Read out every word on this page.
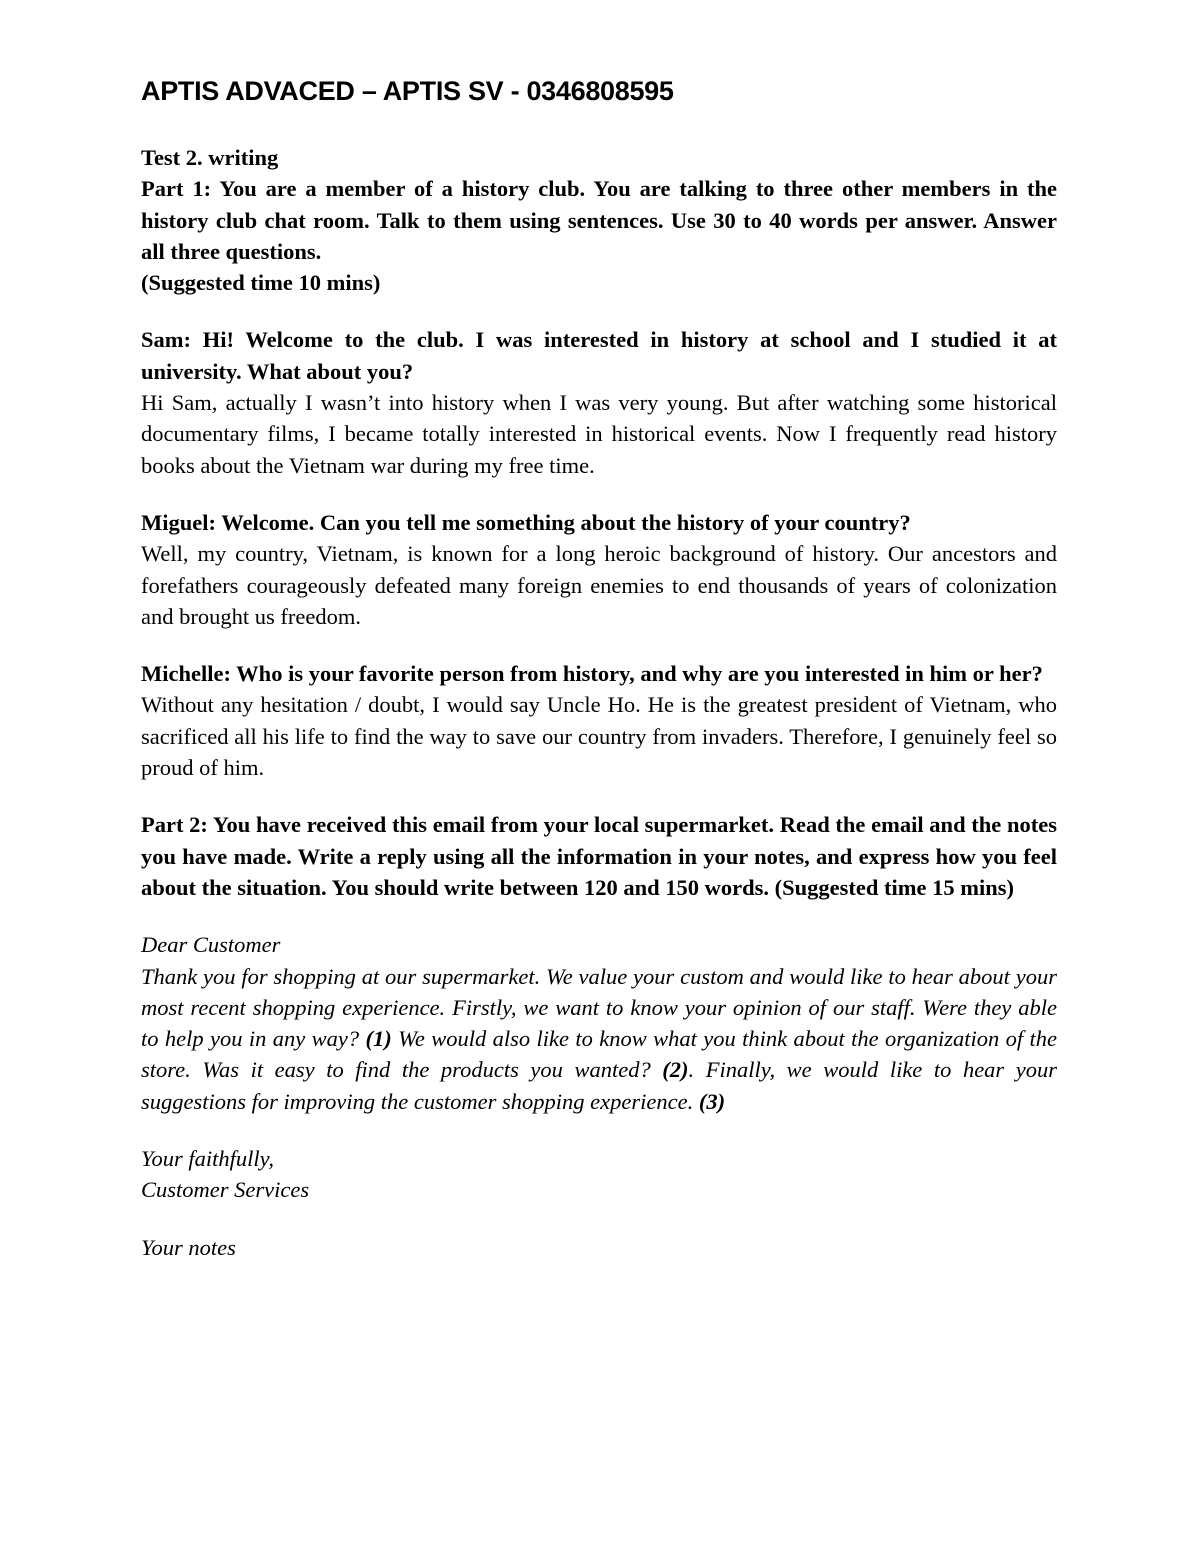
APTIS ADVACED – APTIS SV - 0346808595

Test 2. writing

Part 1: You are a member of a history club. You are talking to three other members in the history club chat room. Talk to them using sentences. Use 30 to 40 words per answer. Answer all three questions.

(Suggested time 10 mins)

Sam: Hi! Welcome to the club. I was interested in history at school and I studied it at university. What about you?

Hi Sam, actually I wasn’t into history when I was very young. But after watching some historical documentary films, I became totally interested in historical events. Now I frequently read history books about the Vietnam war during my free time.

Miguel: Welcome. Can you tell me something about the history of your country?

Well, my country, Vietnam, is known for a long heroic background of history. Our ancestors and forefathers courageously defeated many foreign enemies to end thousands of years of colonization and brought us freedom.

Michelle: Who is your favorite person from history, and why are you interested in him or her?

Without any hesitation / doubt, I would say Uncle Ho. He is the greatest president of Vietnam, who sacrificed all his life to find the way to save our country from invaders. Therefore, I genuinely feel so proud of him.

Part 2: You have received this email from your local supermarket. Read the email and the notes you have made. Write a reply using all the information in your notes, and express how you feel about the situation. You should write between 120 and 150 words. (Suggested time 15 mins)

Dear Customer

Thank you for shopping at our supermarket. We value your custom and would like to hear about your most recent shopping experience. Firstly, we want to know your opinion of our staff. Were they able to help you in any way? (1) We would also like to know what you think about the organization of the store. Was it easy to find the products you wanted? (2). Finally, we would like to hear your suggestions for improving the customer shopping experience. (3)

Your faithfully,

Customer Services

Your notes
